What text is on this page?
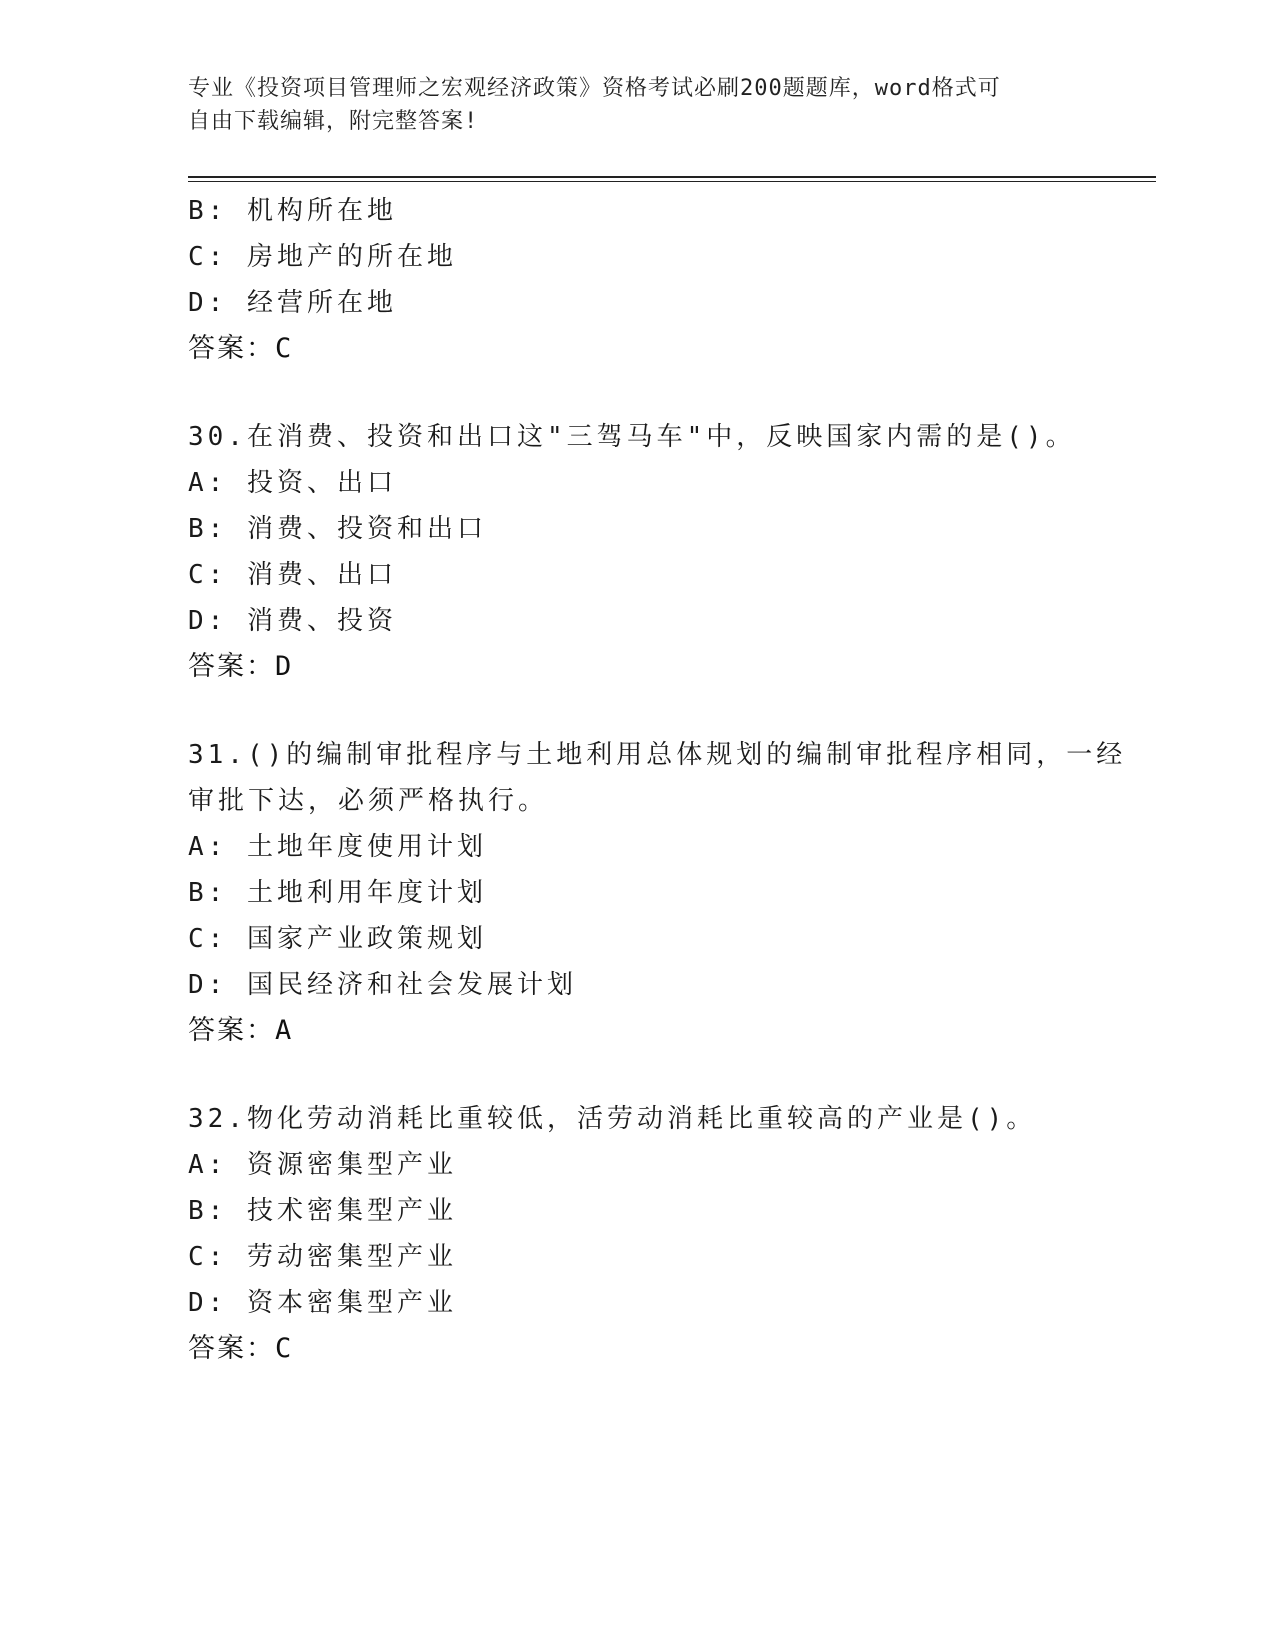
专业《投资项目管理师之宏观经济政策》资格考试必刷200题题库，word格式可
自由下载编辑，附完整答案!
B: 机构所在地
C: 房地产的所在地
D: 经营所在地
答案：C
30.在消费、投资和出口这"三驾马车"中，反映国家内需的是()。
A: 投资、出口
B: 消费、投资和出口
C: 消费、出口
D: 消费、投资
答案：D
31.()的编制审批程序与土地利用总体规划的编制审批程序相同，一经
审批下达，必须严格执行。
A: 土地年度使用计划
B: 土地利用年度计划
C: 国家产业政策规划
D: 国民经济和社会发展计划
答案：A
32.物化劳动消耗比重较低，活劳动消耗比重较高的产业是()。
A: 资源密集型产业
B: 技术密集型产业
C: 劳动密集型产业
D: 资本密集型产业
答案：C
